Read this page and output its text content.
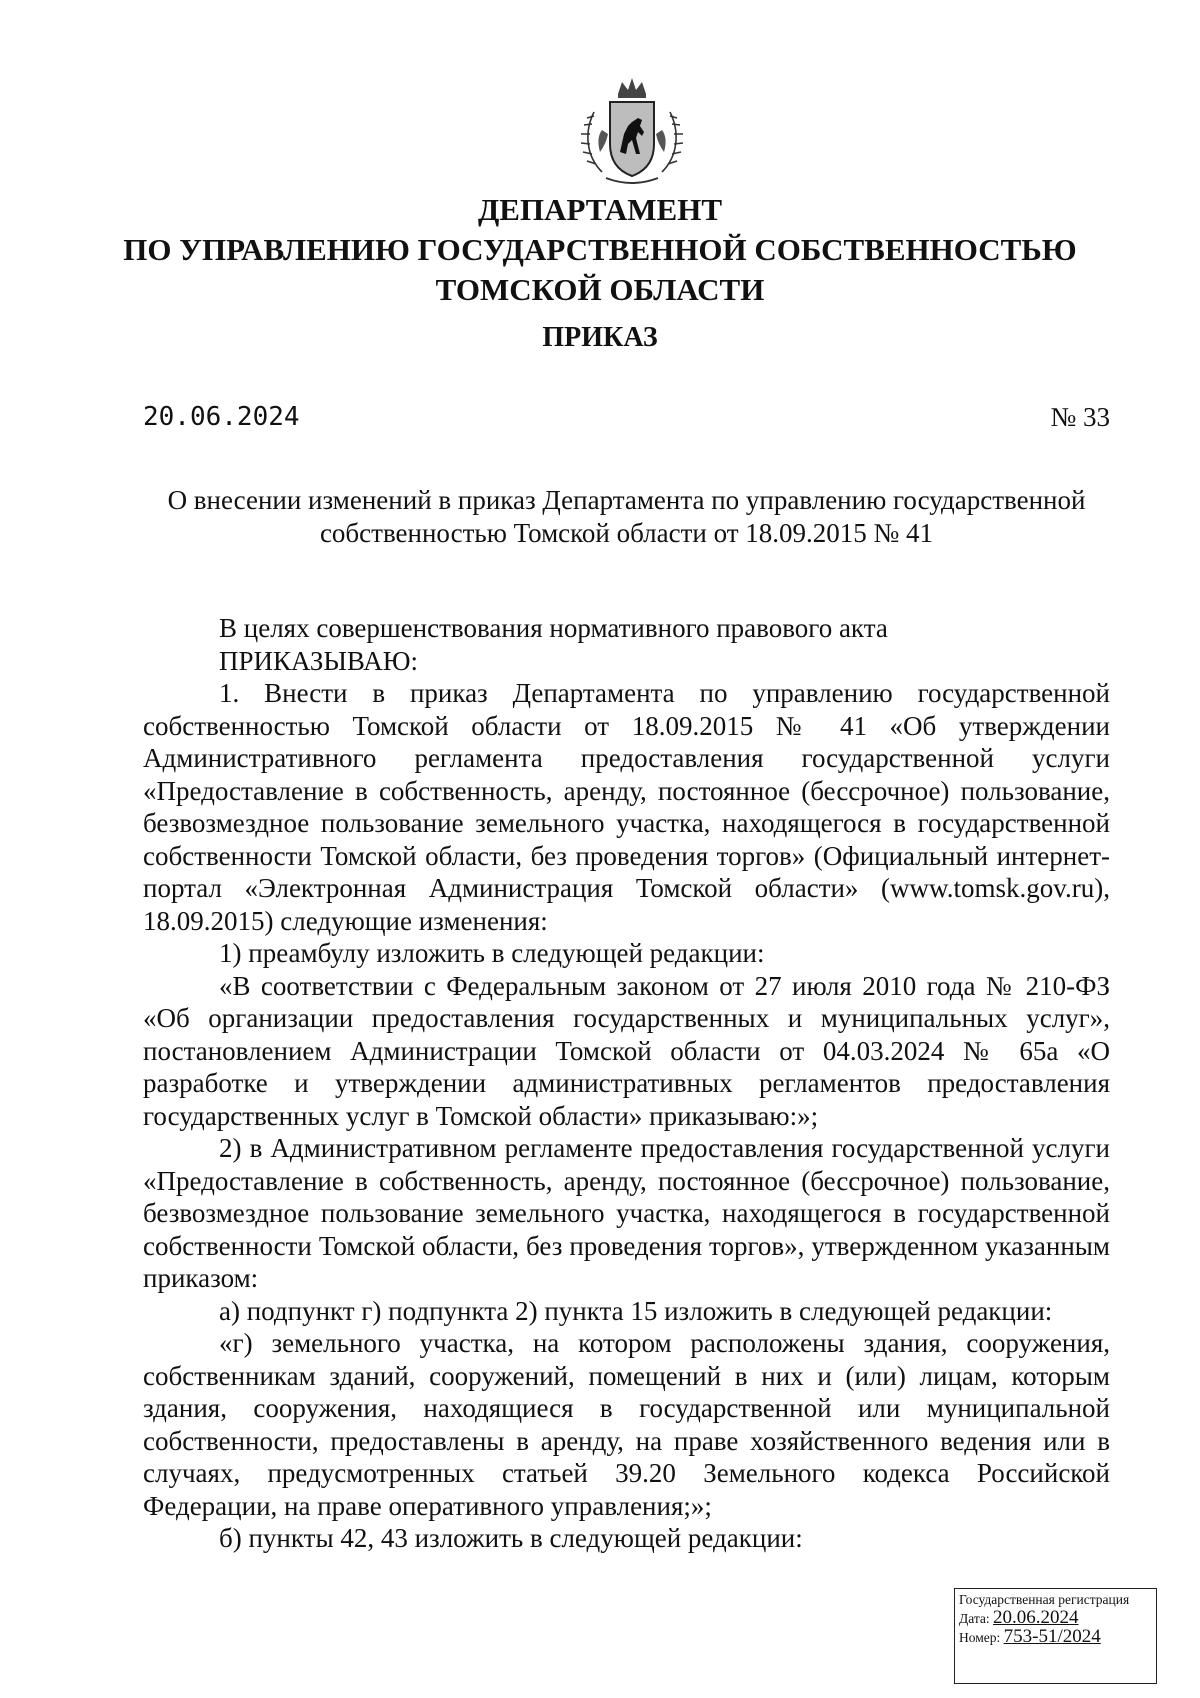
ДЕПАРТАМЕНТ
ПО УПРАВЛЕНИЮ ГОСУДАРСТВЕННОЙ СОБСТВЕННОСТЬЮ
ТОМСКОЙ ОБЛАСТИ
ПРИКАЗ
20.06.2024	№ 33
О внесении изменений в приказ Департамента по управлению государственной собственностью Томской области от 18.09.2015 № 41

В целях совершенствования нормативного правового акта

ПРИКАЗЫВАЮ:

1. Внести в приказ Департамента по управлению государственной собственностью Томской области от 18.09.2015 № 41 «Об утверждении Административного регламента предоставления государственной услуги «Предоставление в собственность, аренду, постоянное (бессрочное) пользование, безвозмездное пользование земельного участка, находящегося в государственной собственности Томской области, без проведения торгов» (Официальный интернет-портал «Электронная Администрация Томской области» (www.tomsk.gov.ru), 18.09.2015) следующие изменения:

1) преамбулу изложить в следующей редакции:

«В соответствии с Федеральным законом от 27 июля 2010 года № 210-ФЗ «Об организации предоставления государственных и муниципальных услуг», постановлением Администрации Томской области от 04.03.2024 № 65а «О разработке и утверждении административных регламентов предоставления государственных услуг в Томской области» приказываю:»;

2) в Административном регламенте предоставления государственной услуги «Предоставление в собственность, аренду, постоянное (бессрочное) пользование, безвозмездное пользование земельного участка, находящегося в государственной собственности Томской области, без проведения торгов», утвержденном указанным приказом:

а) подпункт г) подпункта 2) пункта 15 изложить в следующей редакции:

«г) земельного участка, на котором расположены здания, сооружения, собственникам зданий, сооружений, помещений в них и (или) лицам, которым здания, сооружения, находящиеся в государственной или муниципальной собственности, предоставлены в аренду, на праве хозяйственного ведения или в случаях, предусмотренных статьей 39.20 Земельного кодекса Российской Федерации, на праве оперативного управления;»;

б) пункты 42, 43 изложить в следующей редакции:

Государственная регистрация
Дата: 20.06.2024
Номер: 753-51/2024
